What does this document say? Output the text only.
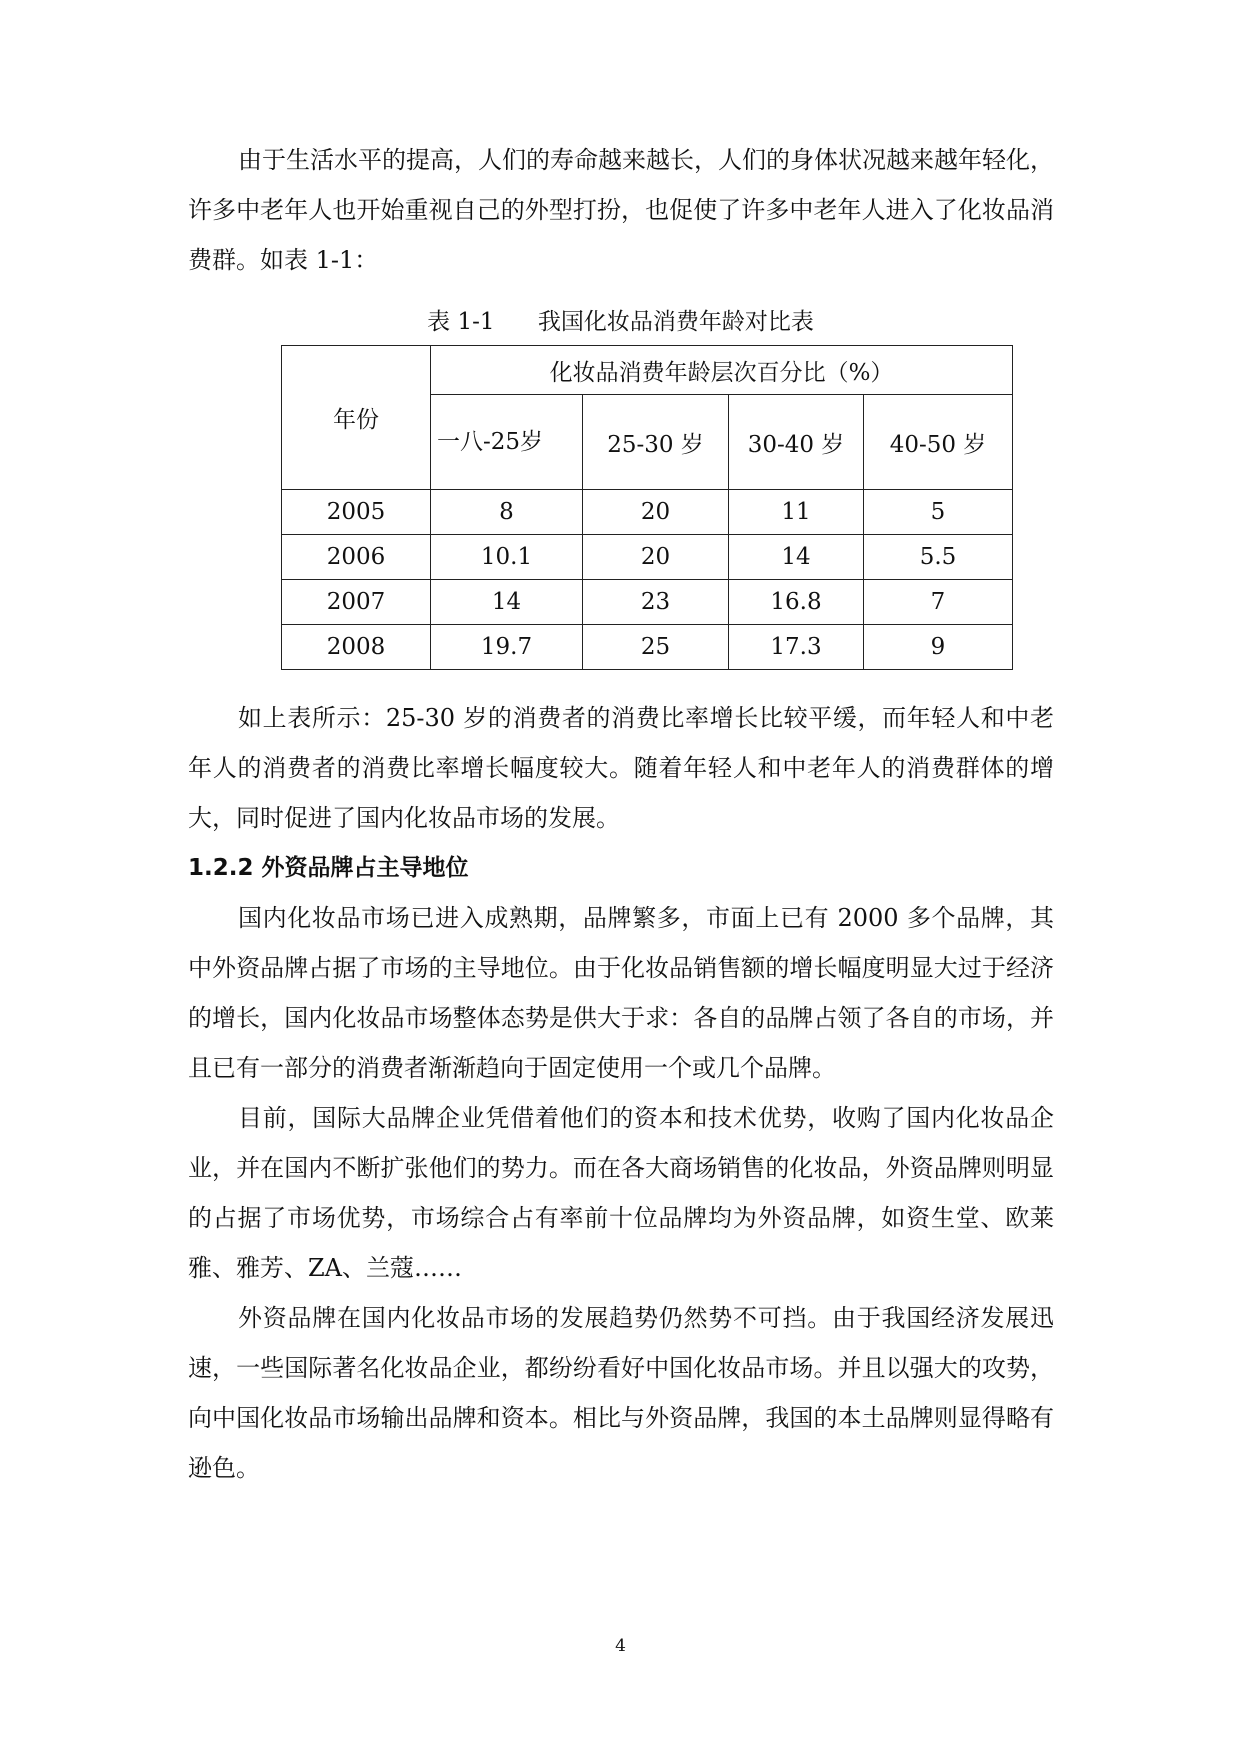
由于生活水平的提高，人们的寿命越来越长，人们的身体状况越来越年轻化，许多中老年人也开始重视自己的外型打扮，也促使了许多中老年人进入了化妆品消费群。如表 1-1：

表 1-1 我国化妆品消费年龄对比表
年份	化妆品消费年龄层次百分比（%）			
	一八-25岁	25-30 岁	30-40 岁	40-50 岁
2005	8	20	11	5
2006	10.1	20	14	5.5
2007	14	23	16.8	7
2008	19.7	25	17.3	9

如上表所示：25-30 岁的消费者的消费比率增长比较平缓，而年轻人和中老年人的消费者的消费比率增长幅度较大。随着年轻人和中老年人的消费群体的增大，同时促进了国内化妆品市场的发展。

1.2.2 外资品牌占主导地位

国内化妆品市场已进入成熟期，品牌繁多，市面上已有 2000 多个品牌，其中外资品牌占据了市场的主导地位。由于化妆品销售额的增长幅度明显大过于经济的增长，国内化妆品市场整体态势是供大于求：各自的品牌占领了各自的市场，并且已有一部分的消费者渐渐趋向于固定使用一个或几个品牌。

目前，国际大品牌企业凭借着他们的资本和技术优势，收购了国内化妆品企业，并在国内不断扩张他们的势力。而在各大商场销售的化妆品，外资品牌则明显的占据了市场优势，市场综合占有率前十位品牌均为外资品牌，如资生堂、欧莱雅、雅芳、ZA、兰蔻……

外资品牌在国内化妆品市场的发展趋势仍然势不可挡。由于我国经济发展迅速，一些国际著名化妆品企业，都纷纷看好中国化妆品市场。并且以强大的攻势，向中国化妆品市场输出品牌和资本。相比与外资品牌，我国的本土品牌则显得略有逊色。

4
